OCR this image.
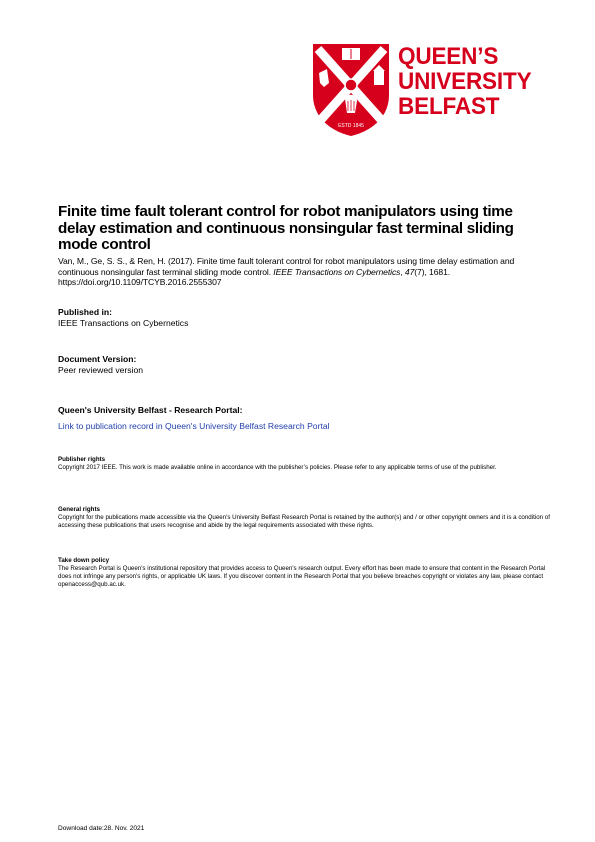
ESTD 1845
QUEEN’S
UNIVERSITY
BELFAST
Finite time fault tolerant control for robot manipulators using time delay estimation and continuous nonsingular fast terminal sliding mode control
Van, M., Ge, S. S., & Ren, H. (2017). Finite time fault tolerant control for robot manipulators using time delay estimation and continuous nonsingular fast terminal sliding mode control. IEEE Transactions on Cybernetics, 47(7), 1681. https://doi.org/10.1109/TCYB.2016.2555307
Published in:
IEEE Transactions on Cybernetics
Document Version:
Peer reviewed version
Queen's University Belfast - Research Portal:
Link to publication record in Queen's University Belfast Research Portal
Publisher rights
Copyright 2017 IEEE. This work is made available online in accordance with the publisher’s policies. Please refer to any applicable terms of use of the publisher.
General rights
Copyright for the publications made accessible via the Queen's University Belfast Research Portal is retained by the author(s) and / or other copyright owners and it is a condition of accessing these publications that users recognise and abide by the legal requirements associated with these rights.
Take down policy
The Research Portal is Queen's institutional repository that provides access to Queen's research output. Every effort has been made to ensure that content in the Research Portal does not infringe any person's rights, or applicable UK laws. If you discover content in the Research Portal that you believe breaches copyright or violates any law, please contact openaccess@qub.ac.uk.
Download date:28. Nov. 2021
